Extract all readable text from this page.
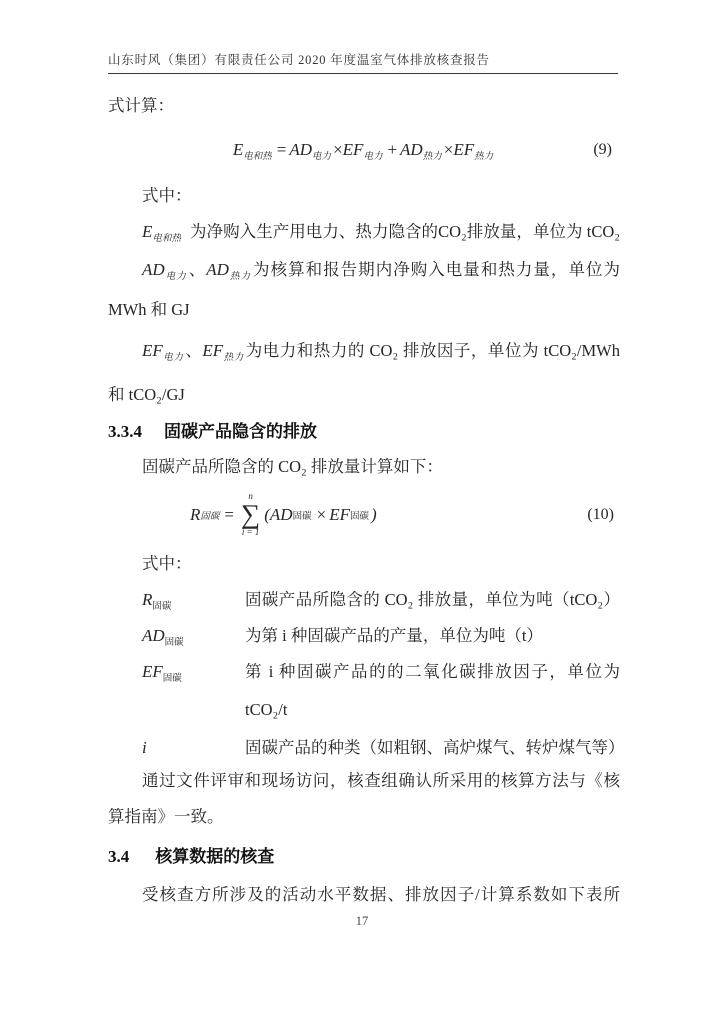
山东时风（集团）有限责任公司 2020 年度温室气体排放核查报告
式计算：
$E_{电和热} = AD_{电力} \times EF_{电力} + AD_{热力} \times EF_{热力}$	(9)
式中：
$E_{电和热}$ 为净购入生产用电力、热力隐含的CO₂排放量，单位为 tCO₂
$AD_{电力}$ 、$AD_{热力}$ 为核算和报告期内净购入电量和热力量，单位为
MWh 和 GJ
$EF_{电力}$ 、$EF_{热力}$ 为电力和热力的 CO₂ 排放因子，单位为 tCO₂/MWh
和 tCO₂/GJ
3.3.4 固碳产品隐含的排放
固碳产品所隐含的 CO₂ 排放量计算如下：
R 固碳 =
n
∑
i = 1
( AD 固碳 × EF 固碳 )	(10)
式中：
$R_{固碳}$	固碳产品所隐含的 CO₂ 排放量，单位为吨（tCO₂）
$AD_{固碳}$	为第 i 种固碳产品的产量，单位为吨（t）
$EF_{固碳}$	第 i 种固碳产品的的二氧化碳排放因子，单位为
tCO₂/t
i	固碳产品的种类（如粗钢、高炉煤气、转炉煤气等）
通过文件评审和现场访问，核查组确认所采用的核算方法与《核
算指南》一致。
3.4 核算数据的核查
受核查方所涉及的活动水平数据、排放因子/计算系数如下表所
17
